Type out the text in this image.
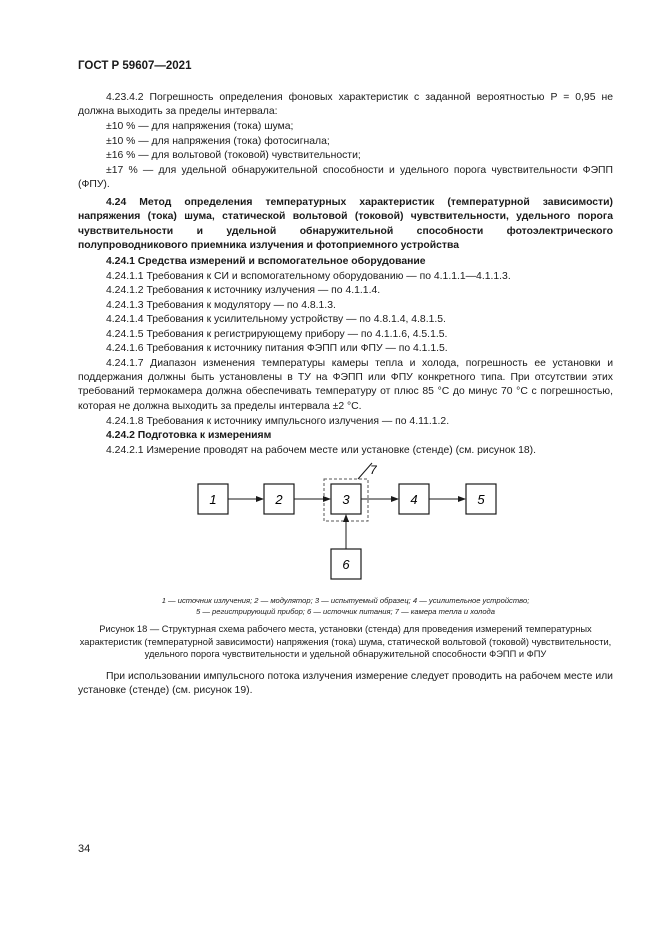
ГОСТ Р 59607—2021
4.23.4.2 Погрешность определения фоновых характеристик с заданной вероятностью P = 0,95 не должна выходить за пределы интервала:
±10 % — для напряжения (тока) шума;
±10 % — для напряжения (тока) фотосигнала;
±16 % — для вольтовой (токовой) чувствительности;
±17 % — для удельной обнаружительной способности и удельного порога чувствительности ФЭПП (ФПУ).
4.24 Метод определения температурных характеристик (температурной зависимости) напряжения (тока) шума, статической вольтовой (токовой) чувствительности, удельного порога чувствительности и удельной обнаружительной способности фотоэлектрического полупроводникового приемника излучения и фотоприемного устройства
4.24.1 Средства измерений и вспомогательное оборудование
4.24.1.1 Требования к СИ и вспомогательному оборудованию — по 4.1.1.1—4.1.1.3.
4.24.1.2 Требования к источнику излучения — по 4.1.1.4.
4.24.1.3 Требования к модулятору — по 4.8.1.3.
4.24.1.4 Требования к усилительному устройству — по 4.8.1.4, 4.8.1.5.
4.24.1.5 Требования к регистрирующему прибору — по 4.1.1.6, 4.5.1.5.
4.24.1.6 Требования к источнику питания ФЭПП или ФПУ — по 4.1.1.5.
4.24.1.7 Диапазон изменения температуры камеры тепла и холода, погрешность ее установки и поддержания должны быть установлены в ТУ на ФЭПП или ФПУ конкретного типа. При отсутствии этих требований термокамера должна обеспечивать температуру от плюс 85 °С до минус 70 °С с погрешностью, которая не должна выходить за пределы интервала ±2 °С.
4.24.1.8 Требования к источнику импульсного излучения — по 4.11.1.2.
4.24.2 Подготовка к измерениям
4.24.2.1 Измерение проводят на рабочем месте или установке (стенде) (см. рисунок 18).
7
1	2	3	4	5
6
1 — источник излучения; 2 — модулятор; 3 — испытуемый образец; 4 — усилительное устройство;
5 — регистрирующий прибор; 6 — источник питания; 7 — камера тепла и холода
Рисунок 18 — Структурная схема рабочего места, установки (стенда) для проведения измерений температурных характеристик (температурной зависимости) напряжения (тока) шума, статической вольтовой (токовой) чувствительности, удельного порога чувствительности и удельной обнаружительной способности ФЭПП и ФПУ
При использовании импульсного потока излучения измерение следует проводить на рабочем месте или установке (стенде) (см. рисунок 19).
34
